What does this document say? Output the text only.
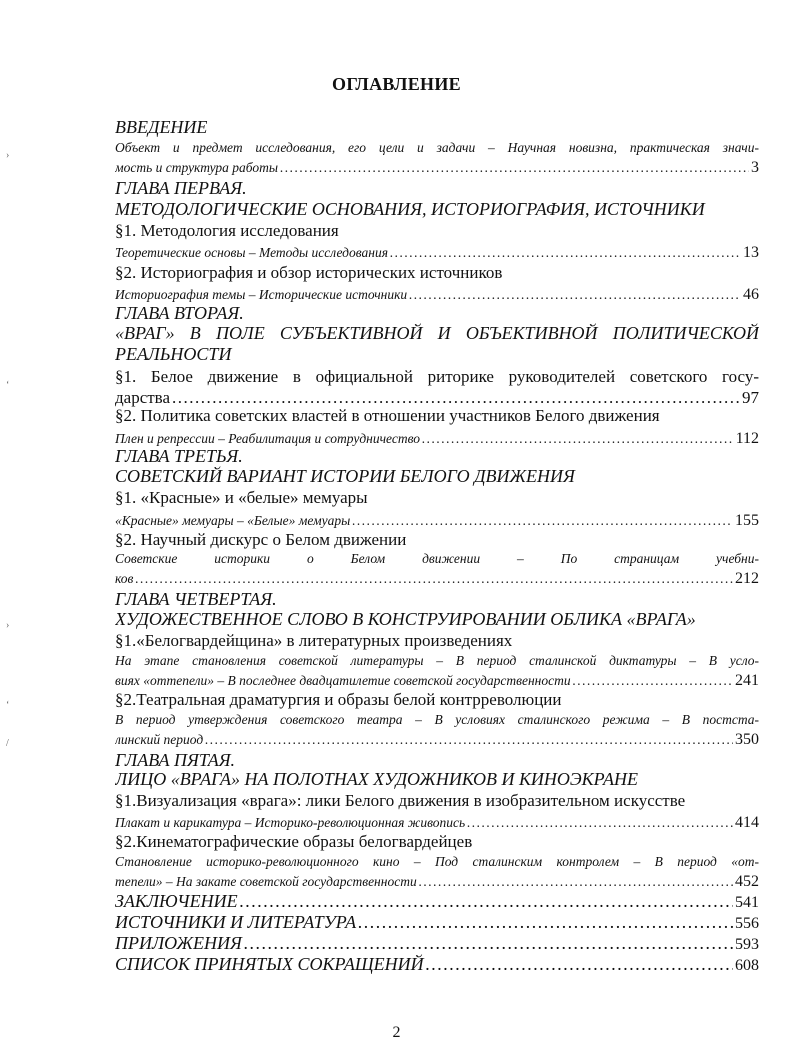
ОГЛАВЛЕНИЕ
ВВЕДЕНИЕ
Объект и предмет исследования, его цели и задачи – Научная новизна, практическая значи-
мость и структура работы .....	3
ГЛАВА ПЕРВАЯ.
МЕТОДОЛОГИЧЕСКИЕ ОСНОВАНИЯ, ИСТОРИОГРАФИЯ, ИСТОЧНИКИ
§1. Методология исследования
Теоретические основы – Методы исследования .....	13
§2. Историография и обзор исторических источников
Историография темы – Исторические источники .....	46
ГЛАВА ВТОРАЯ.
«ВРАГ» В ПОЛЕ СУБЪЕКТИВНОЙ И ОБЪЕКТИВНОЙ ПОЛИТИЧЕСКОЙ
РЕАЛЬНОСТИ
§1. Белое движение в официальной риторике руководителей советского госу-
дарства .....	97
§2. Политика советских властей в отношении участников Белого движения
Плен и репрессии – Реабилитация и сотрудничество .....	112
ГЛАВА ТРЕТЬЯ.
СОВЕТСКИЙ ВАРИАНТ ИСТОРИИ БЕЛОГО ДВИЖЕНИЯ
§1. «Красные» и «белые» мемуары
«Красные» мемуары – «Белые» мемуары .....	155
§2. Научный дискурс о Белом движении
Советские историки о Белом движении – По страницам учебни-
ков .....	212
ГЛАВА ЧЕТВЕРТАЯ.
ХУДОЖЕСТВЕННОЕ СЛОВО В КОНСТРУИРОВАНИИ ОБЛИКА «ВРАГА»
§1.«Белогвардейщина» в литературных произведениях
На этапе становления советской литературы – В период сталинской диктатуры – В усло-
виях «оттепели» – В последнее двадцатилетие советской государственности .....	241
§2.Театральная драматургия и образы белой контрреволюции
В период утверждения советского театра – В условиях сталинского режима – В постста-
линский период .....	350
ГЛАВА ПЯТАЯ.
ЛИЦО «ВРАГА» НА ПОЛОТНАХ ХУДОЖНИКОВ И КИНОЭКРАНЕ
§1.Визуализация «врага»: лики Белого движения в изобразительном искусстве
Плакат и карикатура – Историко-революционная живопись .....	414
§2.Кинематографические образы белогвардейцев
Становление историко-революционного кино – Под сталинским контролем – В период «от-
тепели» – На закате советской государственности .....	452
ЗАКЛЮЧЕНИЕ .....	541
ИСТОЧНИКИ И ЛИТЕРАТУРА .....	556
ПРИЛОЖЕНИЯ .....	593
СПИСОК ПРИНЯТЫХ СОКРАЩЕНИЙ .....	608
2
›
‘
›
‘
/
